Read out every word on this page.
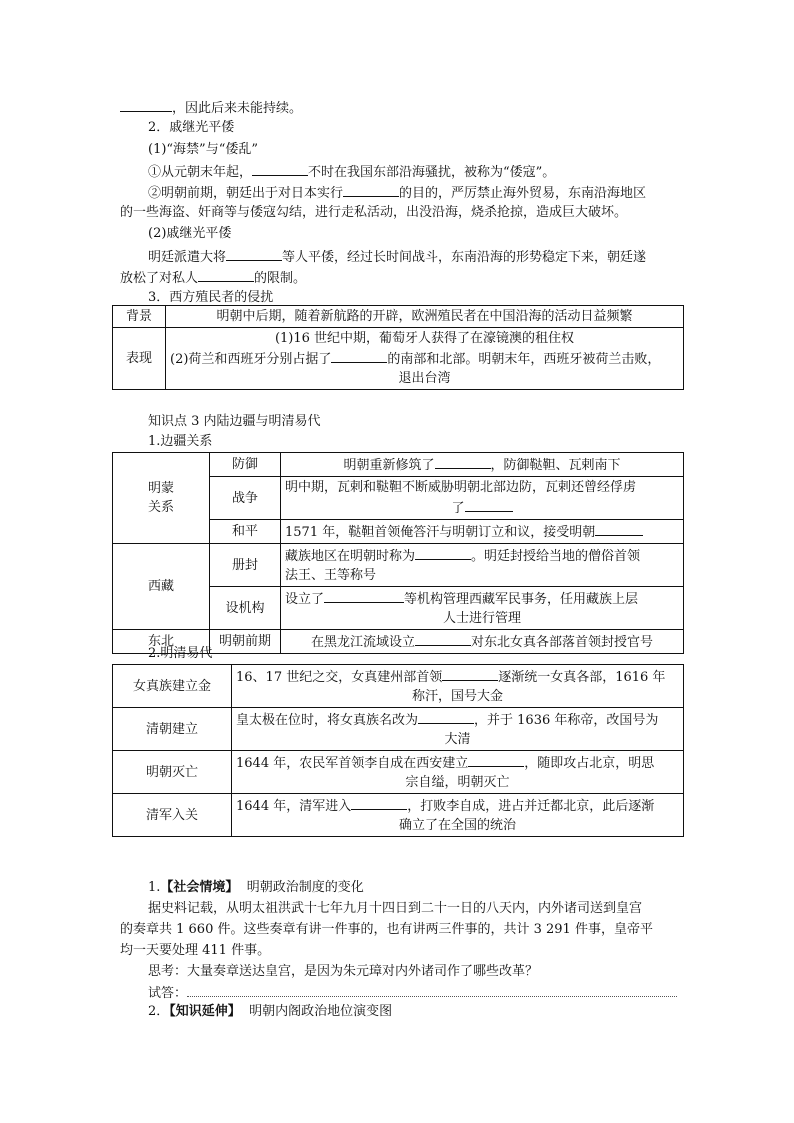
，因此后来未能持续。
2．戚继光平倭
(1)“海禁”与“倭乱”
①从元朝末年起，	不时在我国东部沿海骚扰，被称为“倭寇”。
②明朝前期，朝廷出于对日本实行	的目的，严厉禁止海外贸易，东南沿海地区
的一些海盗、奸商等与倭寇勾结，进行走私活动，出没沿海，烧杀抢掠，造成巨大破坏。
(2)戚继光平倭
明廷派遣大将	等人平倭，经过长时间战斗，东南沿海的形势稳定下来，朝廷遂
放松了对私人	的限制。
3．西方殖民者的侵扰
背景	明朝中后期，随着新航路的开辟，欧洲殖民者在中国沿海的活动日益频繁
表现	(1)16 世纪中期，葡萄牙人获得了在濠镜澳的租住权
(2)荷兰和西班牙分别占据了 的南部和北部。明朝末年，西班牙被荷兰击败，
退出台湾
知识点 3 内陆边疆与明清易代
1.边疆关系
明蒙
关系	防御	明朝重新修筑了 ，防御鞑靼、瓦剌南下
	战争	明中期，瓦剌和鞑靼不断威胁明朝北部边防，瓦剌还曾经俘虏
了

	和平	1571 年，鞑靼首领俺答汗与明朝订立和议，接受明朝
西藏	册封	藏族地区在明朝时称为 。明廷封授给当地的僧俗首领
法王、王等称号

	设机构	设立了 等机构管理西藏军民事务，任用藏族上层
人士进行管理

东北	明朝前期	在黑龙江流域设立 对东北女真各部落首领封授官号
2.明清易代
女真族建立金	16、17 世纪之交，女真建州部首领 逐渐统一女真各部，1616 年
称汗，国号大金

清朝建立	皇太极在位时，将女真族名改为 ，并于 1636 年称帝，改国号为
大清

明朝灭亡	1644 年，农民军首领李自成在西安建立 ，随即攻占北京，明思
宗自缢，明朝灭亡

清军入关	1644 年，清军进入 ，打败李自成，进占并迁都北京，此后逐渐
确立了在全国的统治
1.【社会情境】 明朝政治制度的变化
据史料记载，从明太祖洪武十七年九月十四日到二十一日的八天内，内外诸司送到皇宫
的奏章共 1 660 件。这些奏章有讲一件事的，也有讲两三件事的，共计 3 291 件事，皇帝平
均一天要处理 411 件事。
思考：大量奏章送达皇宫，是因为朱元璋对内外诸司作了哪些改革？
试答：
2．【知识延伸】 明朝内阁政治地位演变图
